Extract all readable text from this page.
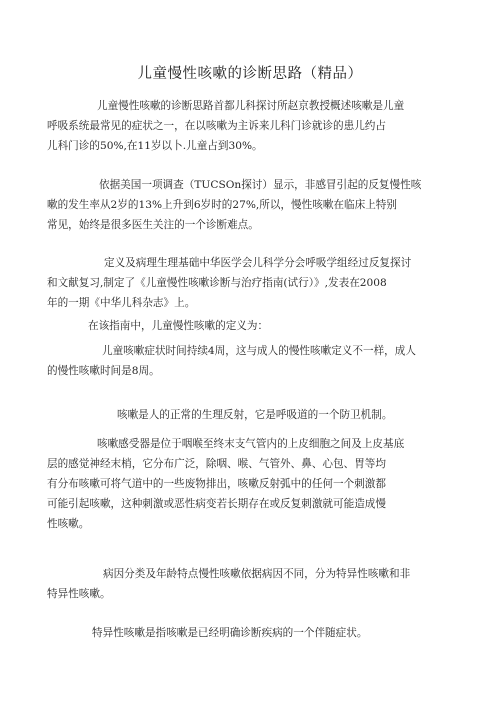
儿童慢性咳嗽的诊断思路（精品）

儿童慢性咳嗽的诊断思路首都儿科探讨所赵京教授概述咳嗽是儿童
呼吸系统最常见的症状之一，在以咳嗽为主诉来儿科门诊就诊的患儿约占
儿科门诊的50%,在11岁以卜.儿童占到30%。

依据美国一项调查（TUCSOn探讨）显示，非感冒引起的反复慢性咳
嗽的发生率从2岁的13%上升到6岁时的27%,所以，慢性咳嗽在临床上特别
常见，始终是很多医生关注的一个诊断难点。

定义及病理生理基础中华医学会儿科学分会呼吸学组经过反复探讨
和文献复习,制定了《儿童慢性咳嗽诊断与治疗指南(试行）》,发表在2008
年的一期《中华儿科杂志》上。

在该指南中，儿童慢性咳嗽的定义为：

儿童咳嗽症状时间持续4周，这与成人的慢性咳嗽定义不一样，成人
的慢性咳嗽时间是8周。

咳嗽是人的正常的生理反射，它是呼吸道的一个防卫机制。

咳嗽感受器是位于咽喉至终末支气管内的上皮细胞之间及上皮基底
层的感觉神经末梢，它分布广泛，除咽、喉、气管外、鼻、心包、胃等均
有分布咳嗽可将气道中的一些废物排出，咳嗽反射弧中的任何一个刺激都
可能引起咳嗽，这种刺激或恶性病变若长期存在或反复刺激就可能造成慢
性咳嗽。

病因分类及年龄特点慢性咳嗽依据病因不同，分为特异性咳嗽和非
特异性咳嗽。

特异性咳嗽是指咳嗽是已经明确诊断疾病的一个伴随症状。
